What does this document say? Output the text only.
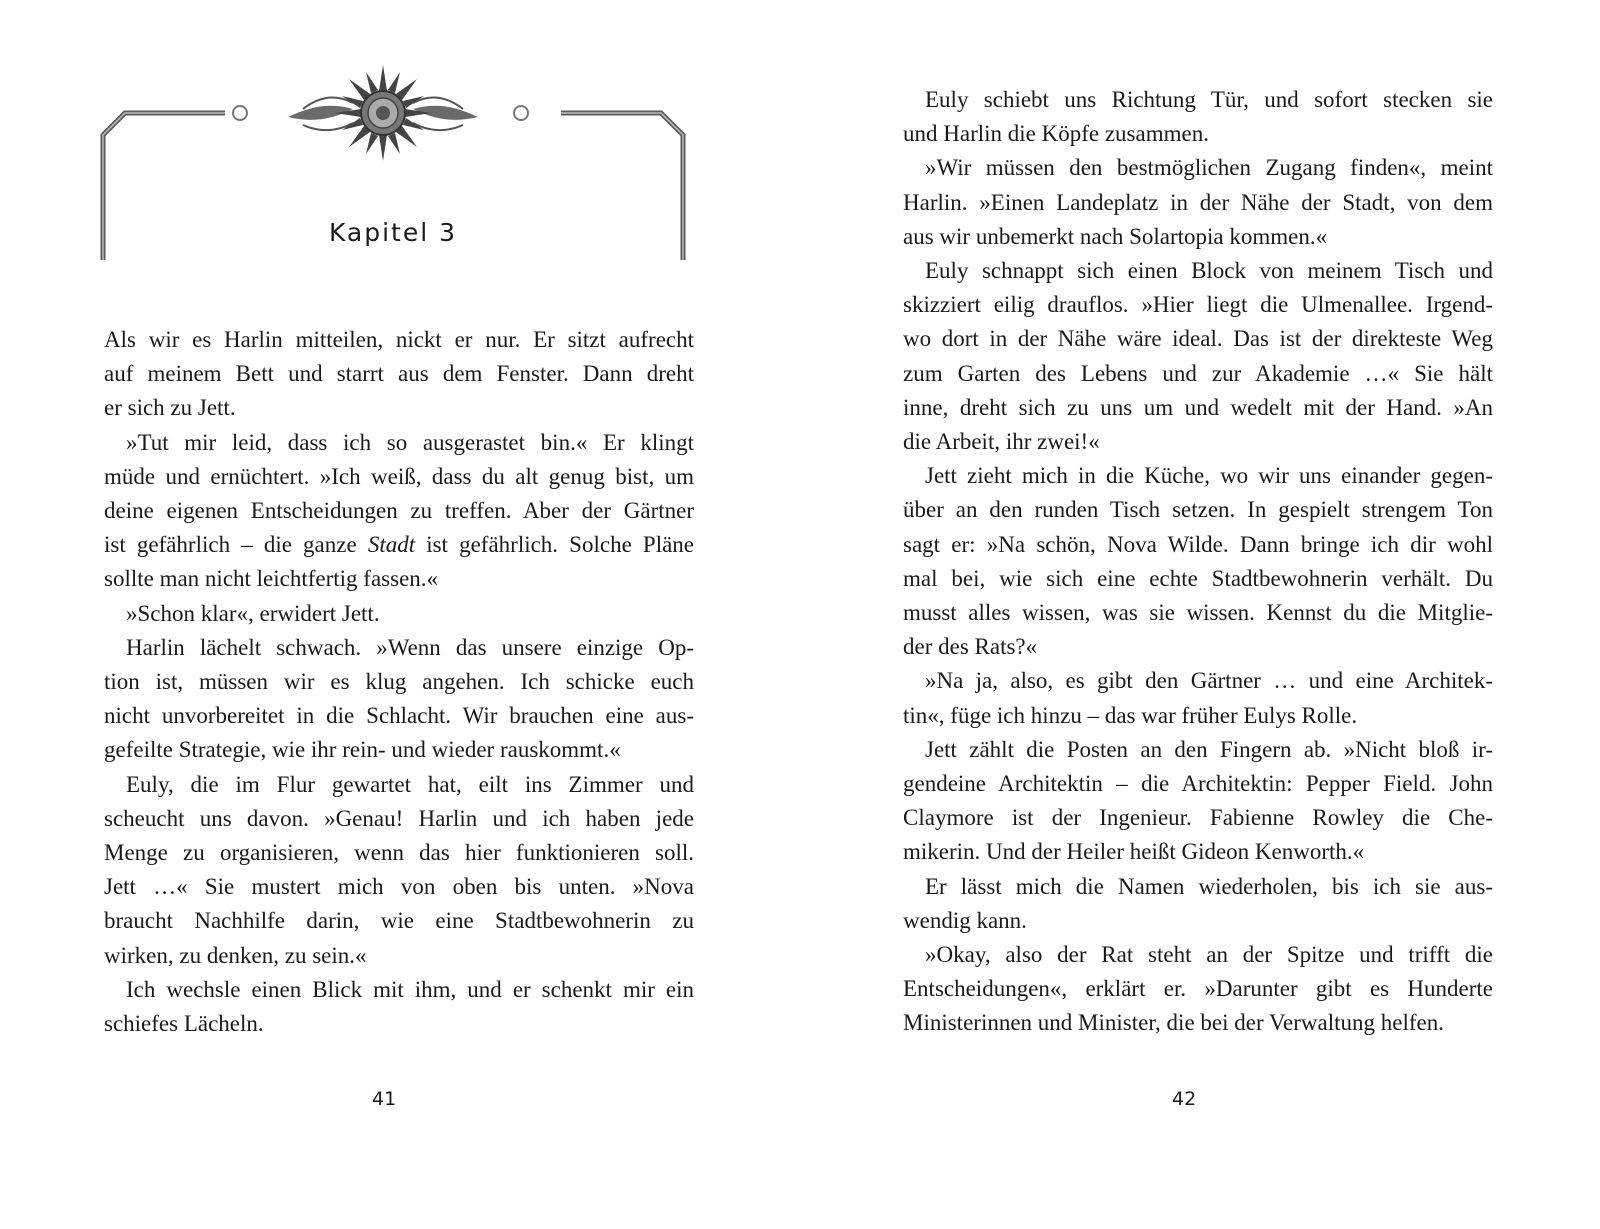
Kapitel 3
Als wir es Harlin mitteilen, nickt er nur. Er sitzt aufrecht
auf meinem Bett und starrt aus dem Fenster. Dann dreht
er sich zu Jett.
»Tut mir leid, dass ich so ausgerastet bin.« Er klingt
müde und ernüchtert. »Ich weiß, dass du alt genug bist, um
deine eigenen Entscheidungen zu treffen. Aber der Gärtner
ist gefährlich – die ganze Stadt ist gefährlich. Solche Pläne
sollte man nicht leichtfertig fassen.«
»Schon klar«, erwidert Jett.
Harlin lächelt schwach. »Wenn das unsere einzige Op-
tion ist, müssen wir es klug angehen. Ich schicke euch
nicht unvorbereitet in die Schlacht. Wir brauchen eine aus-
gefeilte Strategie, wie ihr rein- und wieder rauskommt.«
Euly, die im Flur gewartet hat, eilt ins Zimmer und
scheucht uns davon. »Genau! Harlin und ich haben jede
Menge zu organisieren, wenn das hier funktionieren soll.
Jett …« Sie mustert mich von oben bis unten. »Nova
braucht Nachhilfe darin, wie eine Stadtbewohnerin zu
wirken, zu denken, zu sein.«
Ich wechsle einen Blick mit ihm, und er schenkt mir ein
schiefes Lächeln.
41
Euly schiebt uns Richtung Tür, und sofort stecken sie
und Harlin die Köpfe zusammen.
»Wir müssen den bestmöglichen Zugang finden«, meint
Harlin. »Einen Landeplatz in der Nähe der Stadt, von dem
aus wir unbemerkt nach Solartopia kommen.«
Euly schnappt sich einen Block von meinem Tisch und
skizziert eilig drauflos. »Hier liegt die Ulmenallee. Irgend-
wo dort in der Nähe wäre ideal. Das ist der direkteste Weg
zum Garten des Lebens und zur Akademie …« Sie hält
inne, dreht sich zu uns um und wedelt mit der Hand. »An
die Arbeit, ihr zwei!«
Jett zieht mich in die Küche, wo wir uns einander gegen-
über an den runden Tisch setzen. In gespielt strengem Ton
sagt er: »Na schön, Nova Wilde. Dann bringe ich dir wohl
mal bei, wie sich eine echte Stadtbewohnerin verhält. Du
musst alles wissen, was sie wissen. Kennst du die Mitglie-
der des Rats?«
»Na ja, also, es gibt den Gärtner … und eine Architek-
tin«, füge ich hinzu – das war früher Eulys Rolle.
Jett zählt die Posten an den Fingern ab. »Nicht bloß ir-
gendeine Architektin – die Architektin: Pepper Field. John
Claymore ist der Ingenieur. Fabienne Rowley die Che-
mikerin. Und der Heiler heißt Gideon Kenworth.«
Er lässt mich die Namen wiederholen, bis ich sie aus-
wendig kann.
»Okay, also der Rat steht an der Spitze und trifft die
Entscheidungen«, erklärt er. »Darunter gibt es Hunderte
Ministerinnen und Minister, die bei der Verwaltung helfen.
42
